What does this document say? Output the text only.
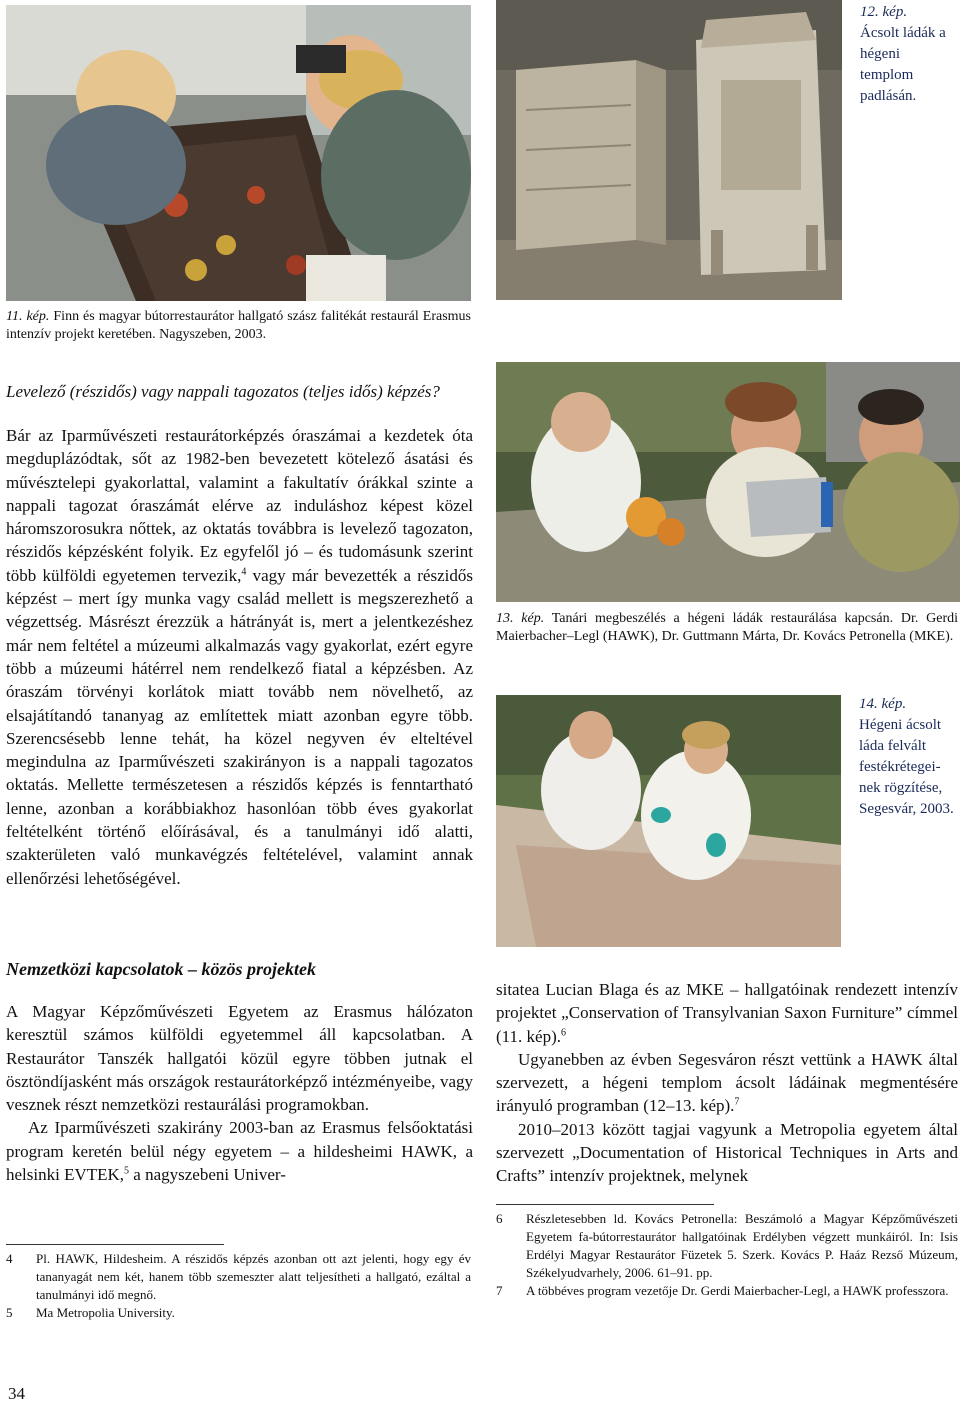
12. kép.
Ácsolt ládák a hégeni templom padlásán.
11. kép. Finn és magyar bútorrestaurátor hallgató szász falitékát restaurál Erasmus intenzív projekt keretében. Nagyszeben, 2003.
Levelező (részidős) vagy nappali tagozatos (teljes idős) képzés?

Bár az Iparművészeti restaurátorképzés óraszámai a kezdetek óta megduplázódtak, sőt az 1982-ben bevezetett kötelező ásatási és művésztelepi gyakorlattal, valamint a fakultatív órákkal szinte a nappali tagozat óraszámát elérve az induláshoz képest közel háromszorosukra nőttek, az oktatás továbbra is levelező tagozaton, részidős képzésként folyik. Ez egyfelől jó – és tudomásunk szerint több külföldi egyetemen tervezik,$^4$ vagy már bevezették a részidős képzést – mert így munka vagy család mellett is megszerezhető a végzettség. Másrészt érezzük a hátrányát is, mert a jelentkezéshez már nem feltétel a múzeumi alkalmazás vagy gyakorlat, ezért egyre több a múzeumi hátérrel nem rendelkező fiatal a képzésben. Az óraszám törvényi korlátok miatt tovább nem növelhető, az elsajátítandó tananyag az említettek miatt azonban egyre több. Szerencsésebb lenne tehát, ha közel negyven év elteltével megindulna az Iparművészeti szakirányon is a nappali tagozatos oktatás. Mellette természetesen a részidős képzés is fenntartható lenne, azonban a korábbiakhoz hasonlóan több éves gyakorlat feltételként történő előírásával, és a tanulmányi idő alatti, szakterületen való munkavégzés feltételével, valamint annak ellenőrzési lehetőségével.

13. kép. Tanári megbeszélés a hégeni ládák restaurálása kapcsán. Dr. Gerdi Maierbacher–Legl (HAWK), Dr. Guttmann Márta, Dr. Kovács Petronella (MKE).
14. kép.
Hégeni ácsolt láda felvált festékrétegei- nek rögzítése, Segesvár, 2003.
Nemzetközi kapcsolatok – közös projektek

A Magyar Képzőművészeti Egyetem az Erasmus hálózaton keresztül számos külföldi egyetemmel áll kapcsolatban. A Restaurátor Tanszék hallgatói közül egyre többen jutnak el ösztöndíjasként más országok restaurátorképző intézményeibe, vagy vesznek részt nemzetközi restaurálási programokban.

Az Iparművészeti szakirány 2003-ban az Erasmus felsőoktatási program keretén belül négy egyetem – a hildesheimi HAWK, a helsinki EVTEK,$^5$ a nagyszebeni Univer-

sitatea Lucian Blaga és az MKE – hallgatóinak rendezett intenzív projektet „Conservation of Transylvanian Saxon Furniture” címmel (11. kép).$^6$

Ugyanebben az évben Segesváron részt vettünk a HAWK által szervezett, a hégeni templom ácsolt ládáinak megmentésére irányuló programban (12–13. kép).$^7$

2010–2013 között tagjai vagyunk a Metropolia egyetem által szervezett „Documentation of Historical Techniques in Arts and Crafts” intenzív projektnek, melynek

4	Pl. HAWK, Hildesheim. A részidős képzés azonban ott azt jelenti, hogy egy év tananyagát nem két, hanem több szemeszter alatt teljesítheti a hallgató, ezáltal a tanulmányi idő megnő.
5	Ma Metropolia University.
6	Részletesebben ld. Kovács Petronella: Beszámoló a Magyar Képzőművészeti Egyetem fa-bútorrestaurátor hallgatóinak Erdélyben végzett munkáiról. In: Isis Erdélyi Magyar Restaurátor Füzetek 5. Szerk. Kovács P. Haáz Rezső Múzeum, Székelyudvarhely, 2006. 61–91. pp.
7	A többéves program vezetője Dr. Gerdi Maierbacher-Legl, a HAWK professzora.
34
